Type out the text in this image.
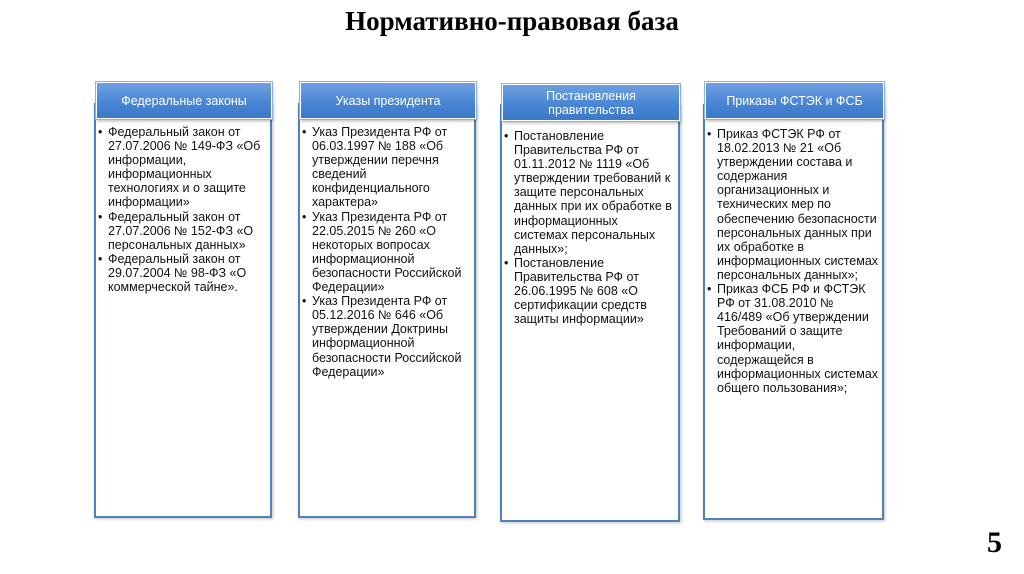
Нормативно-правовая база
Федеральные законы
• Федеральный закон от 27.07.2006 № 149-ФЗ «Об информации, информационных технологиях и о защите информации»
• Федеральный закон от 27.07.2006 № 152-ФЗ «О персональных данных»
• Федеральный закон от 29.07.2004 № 98-ФЗ «О коммерческой тайне».
Указы президента
• Указ Президента РФ от 06.03.1997 № 188 «Об утверждении перечня сведений конфиденциального характера»
• Указ Президента РФ от 22.05.2015 № 260 «О некоторых вопросах информационной безопасности Российской Федерации»
• Указ Президента РФ от 05.12.2016 № 646 «Об утверждении Доктрины информационной безопасности Российской Федерации»
Постановления правительства
• Постановление Правительства РФ от 01.11.2012 № 1119 «Об утверждении требований к защите персональных данных при их обработке в информационных системах персональных данных»;
• Постановление Правительства РФ от 26.06.1995 № 608 «О сертификации средств защиты информации»
Приказы ФСТЭК и ФСБ
• Приказ ФСТЭК РФ от 18.02.2013 № 21 «Об утверждении состава и содержания организационных и технических мер по обеспечению безопасности персональных данных при их обработке в информационных системах персональных данных»;
• Приказ ФСБ РФ и ФСТЭК РФ от 31.08.2010 № 416/489 «Об утверждении Требований о защите информации, содержащейся в информационных системах общего пользования»;
5
